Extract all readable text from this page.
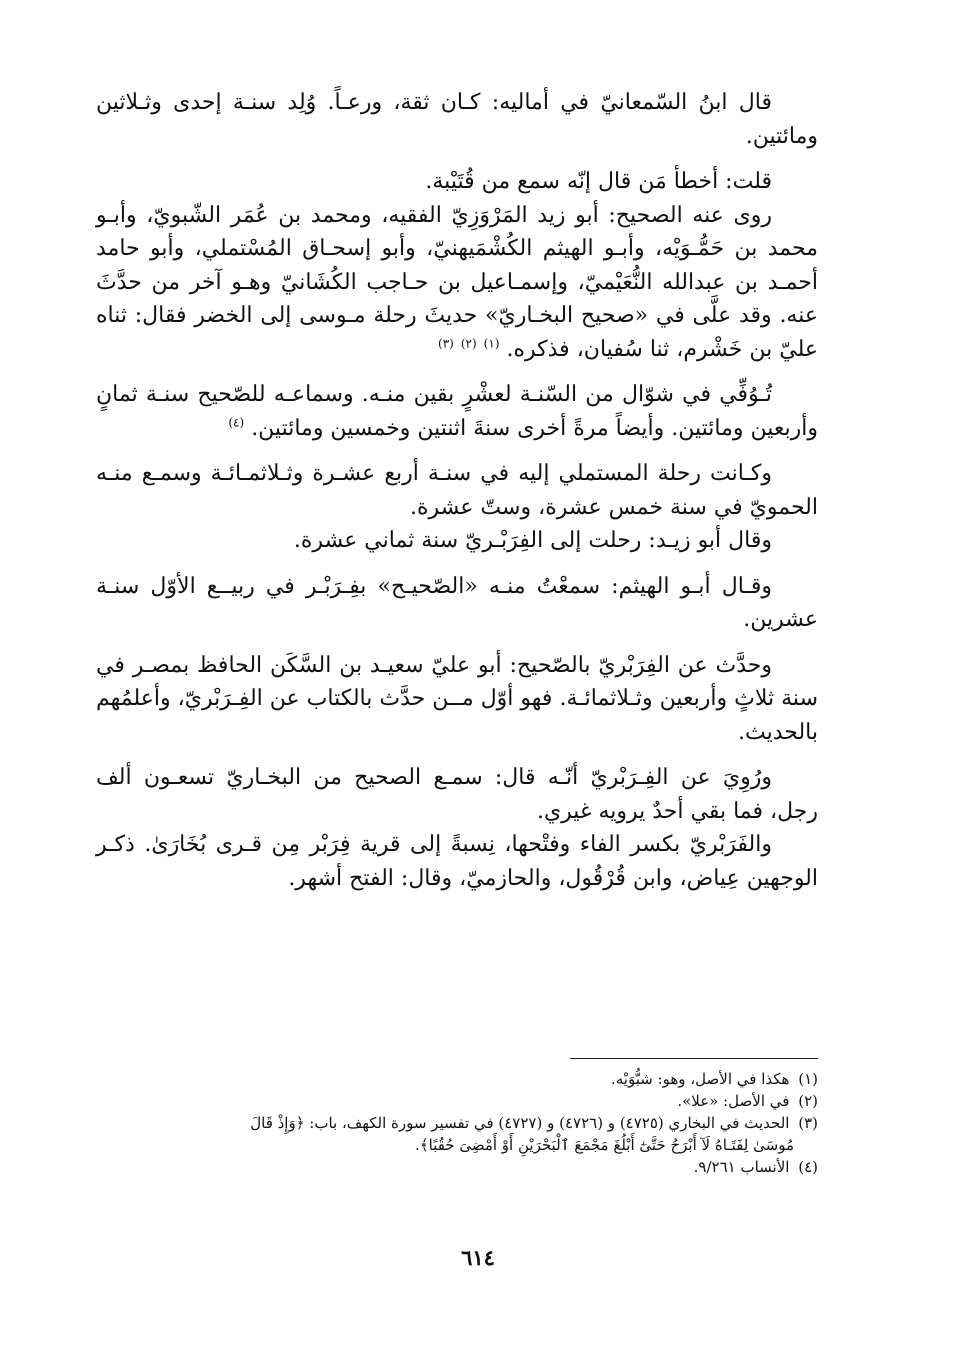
قال ابنُ السّمعانيّ في أماليه: كـان ثقة، ورعـاً. وُلِد سنـة إحدى وثـلاثين ومائتين.

قلت: أخطأ مَن قال إنّه سمع من قُتَيْبة.

روى عنه الصحيح: أبو زيد المَرْوَزِيّ الفقيه، ومحمد بن عُمَر الشّبويّ، وأبـو محمد بن حَمُّـوَيْه، وأبـو الهيثم الكُشْمَيهنيّ، وأبو إسحـاق المُسْتملي، وأبو حامد أحمـد بن عبدالله النُّعَيْميّ، وإسمـاعيل بن حـاجب الكُشَانيّ وهـو آخر من حدَّثَ عنه. وقد علَّى في «صحيح البخـاريّ» حديثَ رحلة مـوسى إلى الخضر فقال: ثناه عليّ بن خَشْرم، ثنا سُفيان، فذكره. $^{(١)}$ $^{(٢)}$ $^{(٣)}$

تُـوُفِّي في شوّال من السّنـة لعشْرٍ بقين منـه. وسماعـه للصّحيح سنـة ثمانٍ وأربعين ومائتين. وأيضاً مرةً أخرى سنةَ اثنتين وخمسين ومائتين. $^{(٤)}$

وكـانت رحلة المستملي إليه في سنـة أربع عشـرة وثـلاثمـائـة وسمـع منـه الحمويّ في سنة خمس عشرة، وستّ عشرة.

وقال أبو زيـد: رحلت إلى الفِرَبْـريّ سنة ثماني عشرة.

وقـال أبـو الهيثم: سمعْتُ منـه «الصّحيـح» بفِـرَبْـر في ربيــع الأوّل سنـة عشرين.

وحدَّث عن الفِرَبْريّ بالصّحيح: أبو عليّ سعيـد بن السَّكَن الحافظ بمصـر في سنة ثلاثٍ وأربعين وثـلاثمائـة. فهو أوّل مــن حدَّث بالكتاب عن الفِـرَبْريّ، وأعلمُهم بالحديث.

ورُوِيَ عن الفِـرَبْريّ أنّـه قال: سمـع الصحيح من البخـاريّ تسعـون ألف رجل، فما بقي أحدٌ يرويه غيري.

والفَرَبْريّ بكسر الفاء وفتْحها، نِسبةً إلى قرية فِرَبْر مِن قـرى بُخَارَىٰ. ذكـر الوجهين عِياض، وابن قُرْقُول، والحازميّ، وقال: الفتح أشهر.

(١) هكذا في الأصل، وهو: شبُّوَيْه.

(٢) في الأصل: «علا».

(٣) الحديث في البخاري (٤٧٢٥) و (٤٧٢٦) و (٤٧٢٧) في تفسير سورة الكهف، باب: ﴿وَإِذْ قَالَ

مُوسَىٰ لِفَتَـاهُ لَآ أَبْرَحُ حَتَّىٰٓ أَبْلُغَ مَجْمَعَ ٱلْبَحْرَيْنِ أَوْ أَمْضِىَ حُقُبًا﴾.

(٤) الأنساب ٩/٢٦١.

٦١٤
